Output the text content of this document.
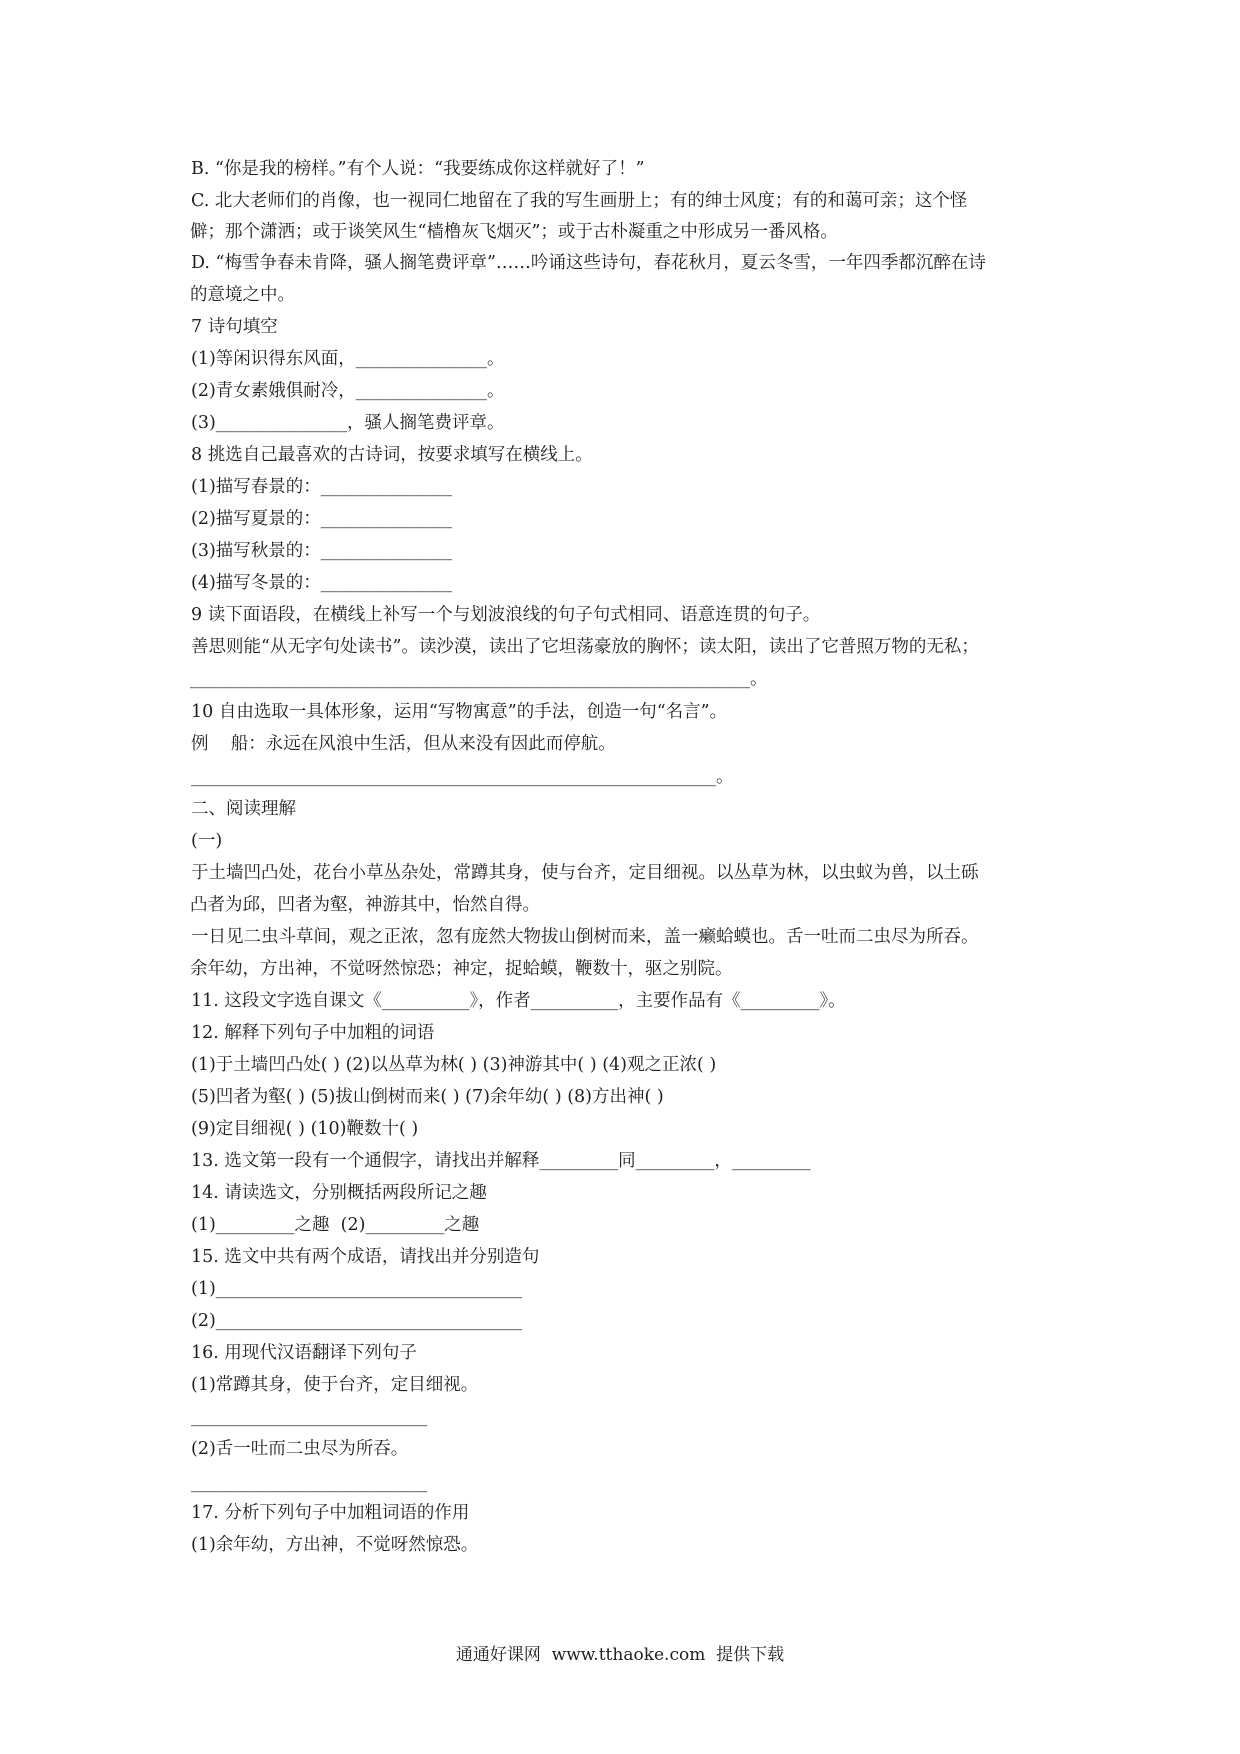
B. “你是我的榜样。”有个人说：“我要练成你这样就好了！”
C. 北大老师们的肖像，也一视同仁地留在了我的写生画册上；有的绅士风度；有的和蔼可亲；这个怪
僻；那个潇洒；或于谈笑风生“樯橹灰飞烟灭”；或于古朴凝重之中形成另一番风格。
D. “梅雪争春未肯降，骚人搁笔费评章”……吟诵这些诗句，春花秋月，夏云冬雪，一年四季都沉醉在诗
的意境之中。
7 诗句填空
(1)等闲识得东风面，_______________。
(2)青女素娥俱耐冷，_______________。
(3)_______________，骚人搁笔费评章。
8 挑选自己最喜欢的古诗词，按要求填写在横线上。
(1)描写春景的：_______________
(2)描写夏景的：_______________
(3)描写秋景的：_______________
(4)描写冬景的：_______________
9 读下面语段，在横线上补写一个与划波浪线的句子句式相同、语意连贯的句子。
善思则能“从无字句处读书”。读沙漠，读出了它坦荡豪放的胸怀；读太阳，读出了它普照万物的无私；
________________________________________________________________。
10 自由选取一具体形象，运用“写物寓意”的手法，创造一句“名言”。
例    船：永远在风浪中生活，但从来没有因此而停航。
____________________________________________________________。
二、阅读理解
(一)
于土墙凹凸处，花台小草丛杂处，常蹲其身，使与台齐，定目细视。以丛草为林，以虫蚁为兽，以土砾
凸者为邱，凹者为壑，神游其中，怡然自得。
一日见二虫斗草间，观之正浓，忽有庞然大物拔山倒树而来，盖一癞蛤蟆也。舌一吐而二虫尽为所吞。
余年幼，方出神，不觉呀然惊恐；神定，捉蛤蟆，鞭数十，驱之别院。
11. 这段文字选自课文《__________》，作者__________，主要作品有《_________》。
12. 解释下列句子中加粗的词语
(1)于土墙凹凸处( ) (2)以丛草为林( ) (3)神游其中( ) (4)观之正浓( )
(5)凹者为壑( ) (5)拔山倒树而来( ) (7)余年幼( ) (8)方出神( )
(9)定目细视( ) (10)鞭数十( )
13. 选文第一段有一个通假字，请找出并解释_________同_________，_________
14. 请读选文，分别概括两段所记之趣
(1)_________之趣  (2)_________之趣
15. 选文中共有两个成语，请找出并分别造句
(1)___________________________________
(2)___________________________________
16. 用现代汉语翻译下列句子
(1)常蹲其身，使于台齐，定目细视。
___________________________
(2)舌一吐而二虫尽为所吞。
___________________________
17. 分析下列句子中加粗词语的作用
(1)余年幼，方出神，不觉呀然惊恐。
通通好课网  www.tthaoke.com  提供下载
